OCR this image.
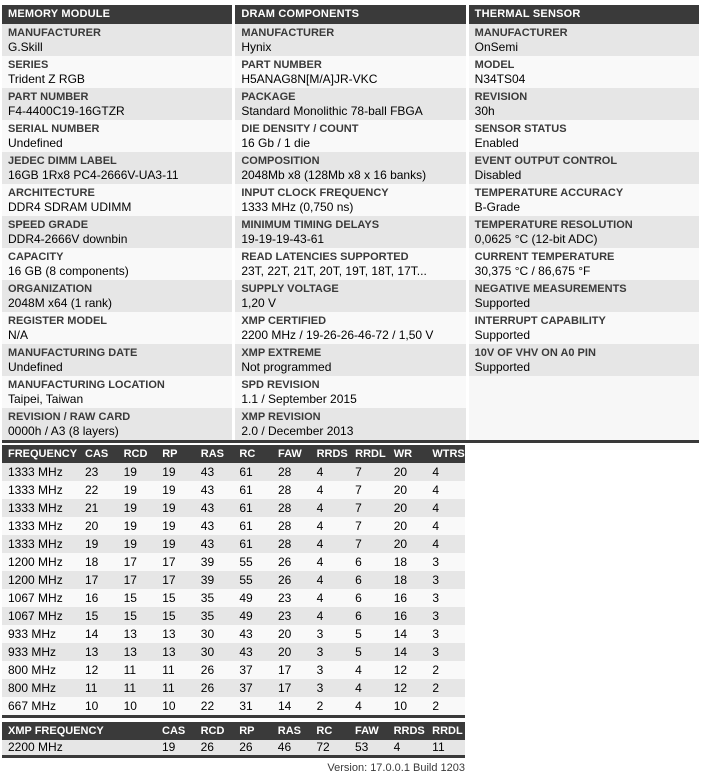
MEMORY MODULE
MANUFACTURER
G.Skill
SERIES
Trident Z RGB
PART NUMBER
F4-4400C19-16GTZR
SERIAL NUMBER
Undefined
JEDEC DIMM LABEL
16GB 1Rx8 PC4-2666V-UA3-11
ARCHITECTURE
DDR4 SDRAM UDIMM
SPEED GRADE
DDR4-2666V downbin
CAPACITY
16 GB (8 components)
ORGANIZATION
2048M x64 (1 rank)
REGISTER MODEL
N/A
MANUFACTURING DATE
Undefined
MANUFACTURING LOCATION
Taipei, Taiwan
REVISION / RAW CARD
0000h / A3 (8 layers)
DRAM COMPONENTS
MANUFACTURER
Hynix
PART NUMBER
H5ANAG8N[M/A]JR-VKC
PACKAGE
Standard Monolithic 78-ball FBGA
DIE DENSITY / COUNT
16 Gb / 1 die
COMPOSITION
2048Mb x8 (128Mb x8 x 16 banks)
INPUT CLOCK FREQUENCY
1333 MHz (0,750 ns)
MINIMUM TIMING DELAYS
19-19-19-43-61
READ LATENCIES SUPPORTED
23T, 22T, 21T, 20T, 19T, 18T, 17T...
SUPPLY VOLTAGE
1,20 V
XMP CERTIFIED
2200 MHz / 19-26-26-46-72 / 1,50 V
XMP EXTREME
Not programmed
SPD REVISION
1.1 / September 2015
XMP REVISION
2.0 / December 2013
THERMAL SENSOR
MANUFACTURER
OnSemi
MODEL
N34TS04
REVISION
30h
SENSOR STATUS
Enabled
EVENT OUTPUT CONTROL
Disabled
TEMPERATURE ACCURACY
B-Grade
TEMPERATURE RESOLUTION
0,0625 °C (12-bit ADC)
CURRENT TEMPERATURE
30,375 °C / 86,675 °F
NEGATIVE MEASUREMENTS
Supported
INTERRUPT CAPABILITY
Supported
10V OF VHV ON A0 PIN
Supported
FREQUENCY CAS	RCD	RP	RAS	RC	FAW	RRDS RRDL WR	WTRS
1333 MHz	23	19	19	43	61	28	4	7	20	4
1333 MHz	22	19	19	43	61	28	4	7	20	4
1333 MHz	21	19	19	43	61	28	4	7	20	4
1333 MHz	20	19	19	43	61	28	4	7	20	4
1333 MHz	19	19	19	43	61	28	4	7	20	4
1200 MHz	18	17	17	39	55	26	4	6	18	3
1200 MHz	17	17	17	39	55	26	4	6	18	3
1067 MHz	16	15	15	35	49	23	4	6	16	3
1067 MHz	15	15	15	35	49	23	4	6	16	3
933 MHz	14	13	13	30	43	20	3	5	14	3
933 MHz	13	13	13	30	43	20	3	5	14	3
800 MHz	12	11	11	26	37	17	3	4	12	2
800 MHz	11	11	11	26	37	17	3	4	12	2
667 MHz	10	10	10	22	31	14	2	4	10	2
XMP FREQUENCY	CAS	RCD	RP	RAS	RC	FAW	RRDS RRDL
2200 MHz	19	26	26	46	72	53	4	11
Version: 17.0.0.1 Build 1203
